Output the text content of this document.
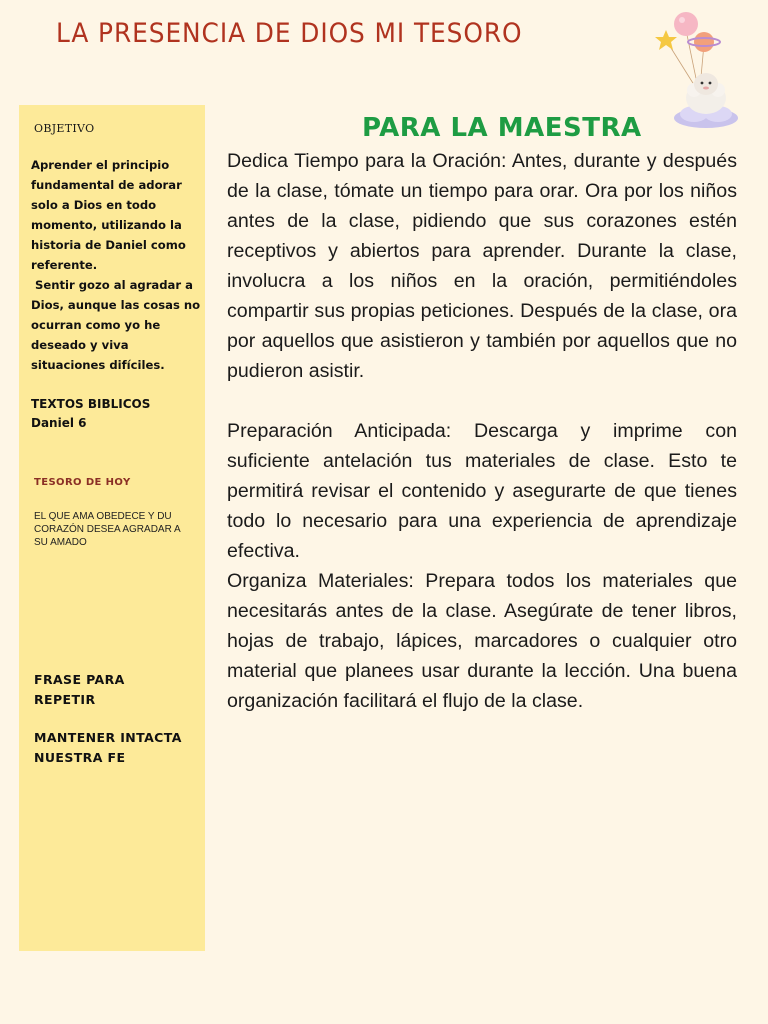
LA PRESENCIA DE DIOS MI TESORO
OBJETIVO

Aprender el principio fundamental de adorar solo a Dios en todo momento, utilizando la historia de Daniel como referente.

Sentir gozo al agradar a Dios, aunque las cosas no ocurran como yo he deseado y viva situaciones difíciles.

TEXTOS BIBLICOS
Daniel 6
TESORO DE HOY
EL QUE AMA OBEDECE Y DU CORAZÓN DESEA AGRADAR A SU AMADO
FRASE PARA REPETIR
MANTENER INTACTA NUESTRA FE
PARA LA MAESTRA

Dedica Tiempo para la Oración: Antes, durante y después de la clase, tómate un tiempo para orar. Ora por los niños antes de la clase, pidiendo que sus corazones estén receptivos y abiertos para aprender. Durante la clase, involucra a los niños en la oración, permitiéndoles compartir sus propias peticiones. Después de la clase, ora por aquellos que asistieron y también por aquellos que no pudieron asistir.

Preparación Anticipada: Descarga y imprime con suficiente antelación tus materiales de clase. Esto te permitirá revisar el contenido y asegurarte de que tienes todo lo necesario para una experiencia de aprendizaje efectiva.

Organiza Materiales: Prepara todos los materiales que necesitarás antes de la clase. Asegúrate de tener libros, hojas de trabajo, lápices, marcadores o cualquier otro material que planees usar durante la lección. Una buena organización facilitará el flujo de la clase.
